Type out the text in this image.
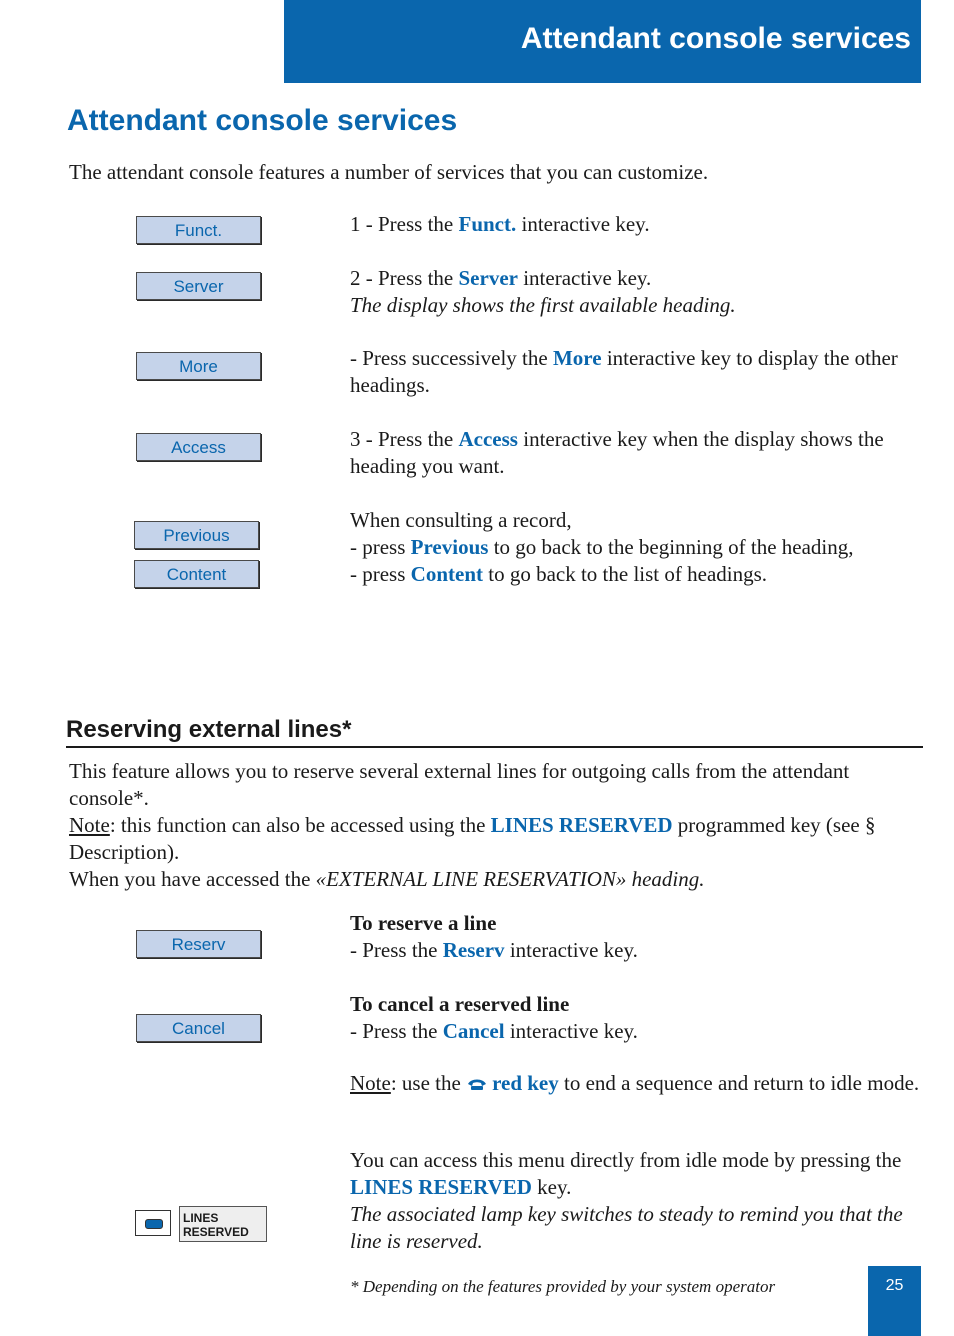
Attendant console services
Attendant console services
The attendant console features a number of services that you can customize.
Funct.
Server
More
Access
Previous
Content
1 - Press the Funct. interactive key.
2 - Press the Server interactive key.
The display shows the first available heading.
- Press successively the More interactive key to display the other headings.
3 - Press the Access interactive key when the display shows the heading you want.
When consulting a record,
- press Previous to go back to the beginning of the heading,
- press Content to go back to the list of headings.
Reserving external lines*
This feature allows you to reserve several external lines for outgoing calls from the attendant console*.
Note: this function can also be accessed using the LINES RESERVED programmed key (see § Description).
When you have accessed the «EXTERNAL LINE RESERVATION» heading.
Reserv
Cancel
To reserve a line
- Press the Reserv interactive key.
To cancel a reserved line
- Press the Cancel interactive key.
Note: use the red key to end a sequence and return to idle mode.
You can access this menu directly from idle mode by pressing the LINES RESERVED key.
The associated lamp key switches to steady to remind you that the line is reserved.
LINES
RESERVED
* Depending on the features provided by your system operator	25
